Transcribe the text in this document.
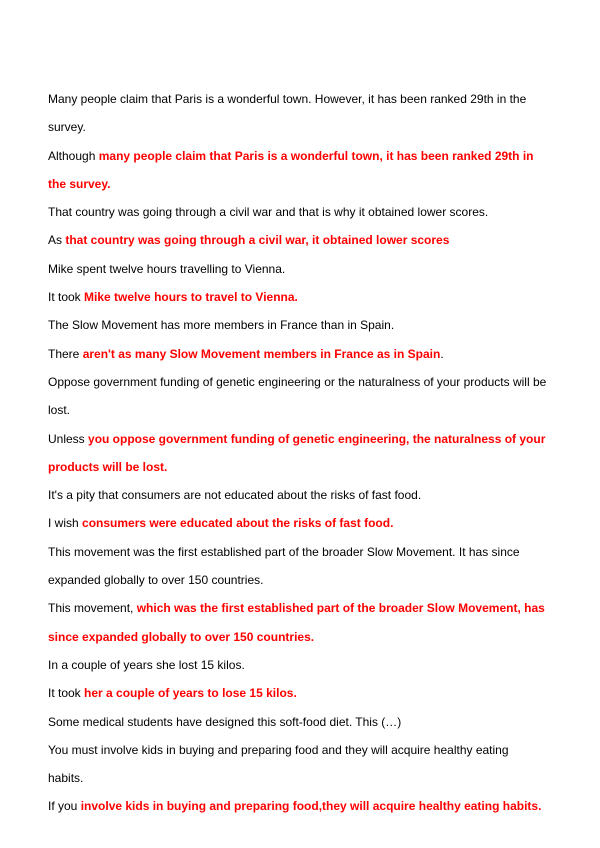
Many people claim that Paris is a wonderful town. However, it has been ranked 29th in the
survey.
Although many people claim that Paris is a wonderful town, it has been ranked 29th in
the survey.
That country was going through a civil war and that is why it obtained lower scores.
As that country was going through a civil war, it obtained lower scores
Mike spent twelve hours travelling to Vienna.
It took Mike twelve hours to travel to Vienna.
The Slow Movement has more members in France than in Spain.
There aren't as many Slow Movement members in France as in Spain.
Oppose government funding of genetic engineering or the naturalness of your products will be
lost.
Unless you oppose government funding of genetic engineering, the naturalness of your
products will be lost.
It's a pity that consumers are not educated about the risks of fast food.
I wish consumers were educated about the risks of fast food.
This movement was the first established part of the broader Slow Movement. It has since
expanded globally to over 150 countries.
This movement, which was the first established part of the broader Slow Movement, has
since expanded globally to over 150 countries.
In a couple of years she lost 15 kilos.
It took her a couple of years to lose 15 kilos.
Some medical students have designed this soft-food diet. This (…)
You must involve kids in buying and preparing food and they will acquire healthy eating
habits.
If you involve kids in buying and preparing food,they will acquire healthy eating habits.
